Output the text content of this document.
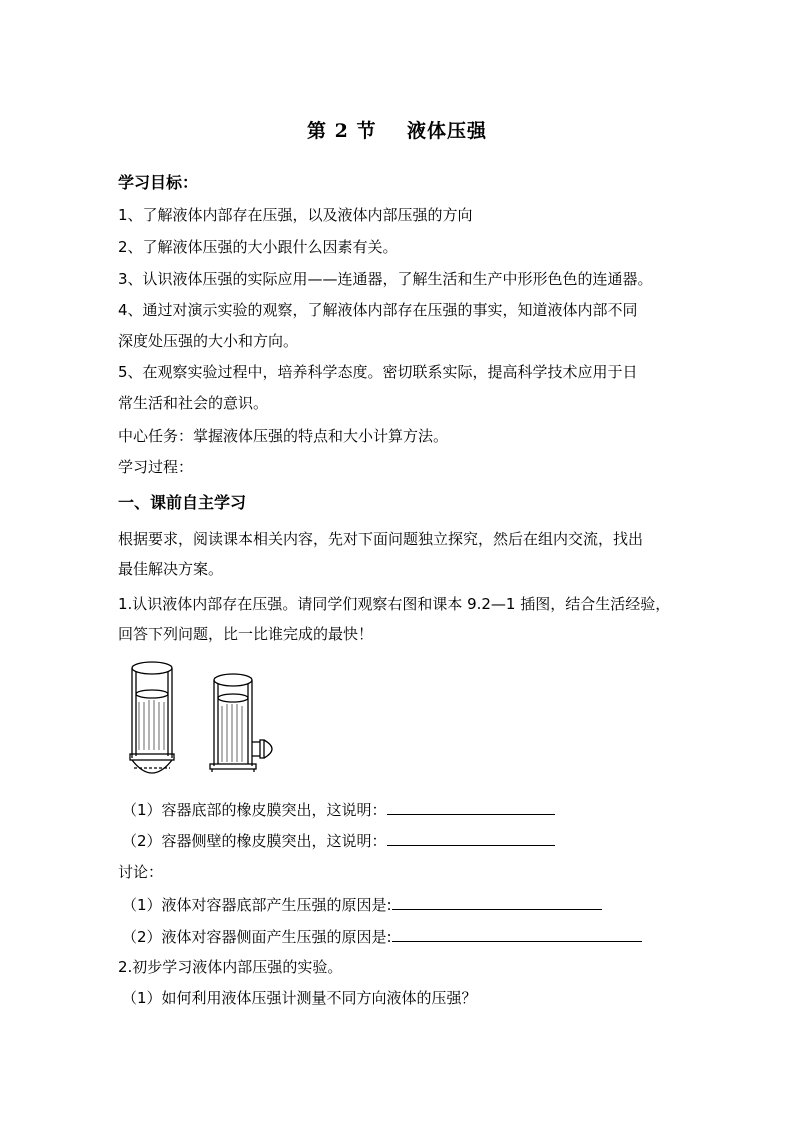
第 2 节    液体压强
学习目标：
1、了解液体内部存在压强，以及液体内部压强的方向
2、了解液体压强的大小跟什么因素有关。
3、认识液体压强的实际应用——连通器，了解生活和生产中形形色色的连通器。
4、通过对演示实验的观察，了解液体内部存在压强的事实，知道液体内部不同
深度处压强的大小和方向。
5、在观察实验过程中，培养科学态度。密切联系实际，提高科学技术应用于日
常生活和社会的意识。
中心任务：掌握液体压强的特点和大小计算方法。
学习过程：
一、课前自主学习
根据要求，阅读课本相关内容，先对下面问题独立探究，然后在组内交流，找出
最佳解决方案。
1.认识液体内部存在压强。请同学们观察右图和课本 9.2—1 插图，结合生活经验，
回答下列问题，比一比谁完成的最快！
（1）容器底部的橡皮膜突出，这说明：
（2）容器侧壁的橡皮膜突出，这说明：
讨论：
（1）液体对容器底部产生压强的原因是:
（2）液体对容器侧面产生压强的原因是:
2.初步学习液体内部压强的实验。
（1）如何利用液体压强计测量不同方向液体的压强？
